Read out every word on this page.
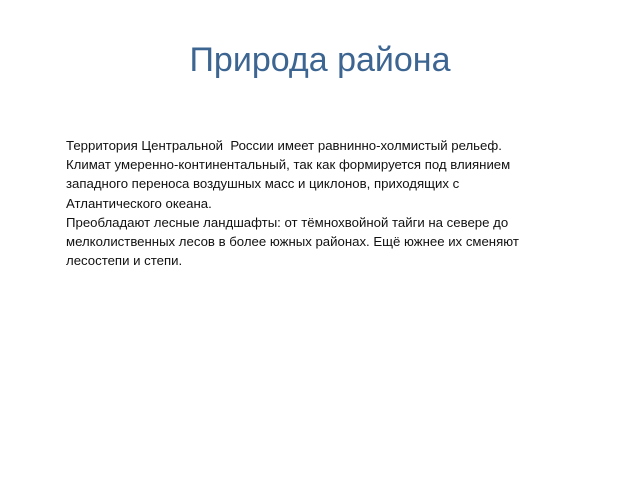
Природа района

Территория Центральной  России имеет равнинно-холмистый рельеф.

Климат умеренно-континентальный, так как формируется под влиянием

западного переноса воздушных масс и циклонов, приходящих с

Атлантического океана.

Преобладают лесные ландшафты: от тёмнохвойной тайги на севере до

мелколиственных лесов в более южных районах. Ещё южнее их сменяют

лесостепи и степи.
